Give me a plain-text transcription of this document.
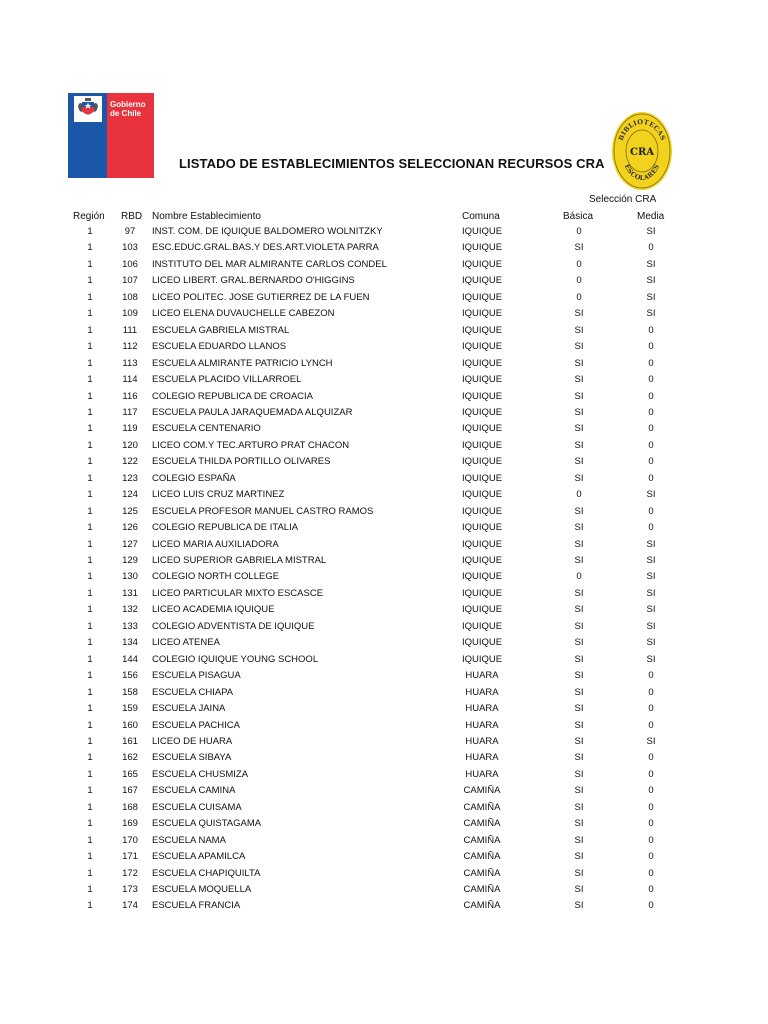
Gobierno
de Chile
LISTADO DE ESTABLECIMIENTOS SELECCIONAN RECURSOS CRA
BIBLIOTECAS
ESCOLARES
CRA
Selección CRA
Región RBD Nombre Establecimiento	Comuna	Básica	Media
1	97	INST. COM. DE IQUIQUE BALDOMERO WOLNITZKY	IQUIQUE	0	SI
1	103	ESC.EDUC.GRAL.BAS.Y DES.ART.VIOLETA PARRA	IQUIQUE	SI	0
1	106	INSTITUTO DEL MAR ALMIRANTE CARLOS CONDEL	IQUIQUE	0	SI
1	107	LICEO LIBERT. GRAL.BERNARDO O'HIGGINS	IQUIQUE	0	SI
1	108	LICEO POLITEC. JOSE GUTIERREZ DE LA FUEN	IQUIQUE	0	SI
1	109	LICEO ELENA DUVAUCHELLE CABEZON	IQUIQUE	SI	SI
1	111	ESCUELA GABRIELA MISTRAL	IQUIQUE	SI	0
1	112	ESCUELA EDUARDO LLANOS	IQUIQUE	SI	0
1	113	ESCUELA ALMIRANTE PATRICIO LYNCH	IQUIQUE	SI	0
1	114	ESCUELA PLACIDO VILLARROEL	IQUIQUE	SI	0
1	116	COLEGIO REPUBLICA DE CROACIA	IQUIQUE	SI	0
1	117	ESCUELA PAULA JARAQUEMADA ALQUIZAR	IQUIQUE	SI	0
1	119	ESCUELA CENTENARIO	IQUIQUE	SI	0
1	120	LICEO COM.Y TEC.ARTURO PRAT CHACON	IQUIQUE	SI	0
1	122	ESCUELA THILDA PORTILLO OLIVARES	IQUIQUE	SI	0
1	123	COLEGIO ESPAÑA	IQUIQUE	SI	0
1	124	LICEO LUIS CRUZ MARTINEZ	IQUIQUE	0	SI
1	125	ESCUELA PROFESOR MANUEL CASTRO RAMOS	IQUIQUE	SI	0
1	126	COLEGIO REPUBLICA DE ITALIA	IQUIQUE	SI	0
1	127	LICEO MARIA AUXILIADORA	IQUIQUE	SI	SI
1	129	LICEO SUPERIOR GABRIELA MISTRAL	IQUIQUE	SI	SI
1	130	COLEGIO NORTH COLLEGE	IQUIQUE	0	SI
1	131	LICEO PARTICULAR MIXTO ESCASCE	IQUIQUE	SI	SI
1	132	LICEO ACADEMIA IQUIQUE	IQUIQUE	SI	SI
1	133	COLEGIO ADVENTISTA DE IQUIQUE	IQUIQUE	SI	SI
1	134	LICEO ATENEA	IQUIQUE	SI	SI
1	144	COLEGIO IQUIQUE YOUNG SCHOOL	IQUIQUE	SI	SI
1	156	ESCUELA PISAGUA	HUARA	SI	0
1	158	ESCUELA CHIAPA	HUARA	SI	0
1	159	ESCUELA JAINA	HUARA	SI	0
1	160	ESCUELA PACHICA	HUARA	SI	0
1	161	LICEO DE HUARA	HUARA	SI	SI
1	162	ESCUELA SIBAYA	HUARA	SI	0
1	165	ESCUELA CHUSMIZA	HUARA	SI	0
1	167	ESCUELA CAMINA	CAMIÑA	SI	0
1	168	ESCUELA CUISAMA	CAMIÑA	SI	0
1	169	ESCUELA QUISTAGAMA	CAMIÑA	SI	0
1	170	ESCUELA NAMA	CAMIÑA	SI	0
1	171	ESCUELA APAMILCA	CAMIÑA	SI	0
1	172	ESCUELA CHAPIQUILTA	CAMIÑA	SI	0
1	173	ESCUELA MOQUELLA	CAMIÑA	SI	0
1	174	ESCUELA FRANCIA	CAMIÑA	SI	0
